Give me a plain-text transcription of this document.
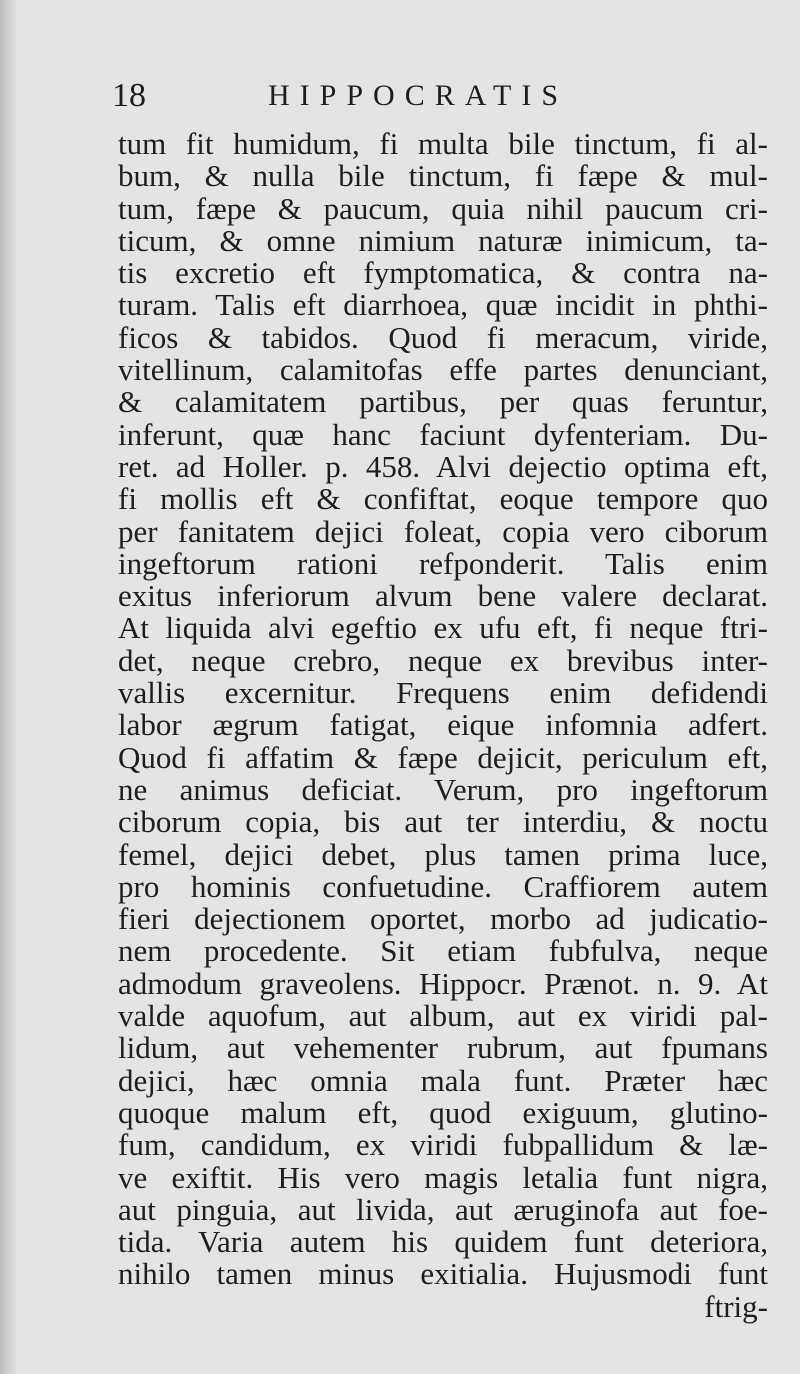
18	HIPPOCRATIS
tum fit humidum, fi multa bile tinctum, fi al-
bum, & nulla bile tinctum, fi fæpe & mul-
tum, fæpe & paucum, quia nihil paucum cri-
ticum, & omne nimium naturæ inimicum, ta-
tis excretio eft fymptomatica, & contra na-
turam. Talis eft diarrhoea, quæ incidit in phthi-
ficos & tabidos. Quod fi meracum, viride,
vitellinum, calamitofas effe partes denunciant,
& calamitatem partibus, per quas feruntur,
inferunt, quæ hanc faciunt dyfenteriam. Du-
ret. ad Holler. p. 458. Alvi dejectio optima eft,
fi mollis eft & confiftat, eoque tempore quo
per fanitatem dejici foleat, copia vero ciborum
ingeftorum rationi refponderit. Talis enim
exitus inferiorum alvum bene valere declarat.
At liquida alvi egeftio ex ufu eft, fi neque ftri-
det, neque crebro, neque ex brevibus inter-
vallis excernitur. Frequens enim defidendi
labor ægrum fatigat, eique infomnia adfert.
Quod fi affatim & fæpe dejicit, periculum eft,
ne animus deficiat. Verum, pro ingeftorum
ciborum copia, bis aut ter interdiu, & noctu
femel, dejici debet, plus tamen prima luce,
pro hominis confuetudine. Craffiorem autem
fieri dejectionem oportet, morbo ad judicatio-
nem procedente. Sit etiam fubfulva, neque
admodum graveolens. Hippocr. Prænot. n. 9. At
valde aquofum, aut album, aut ex viridi pal-
lidum, aut vehementer rubrum, aut fpumans
dejici, hæc omnia mala funt. Præter hæc
quoque malum eft, quod exiguum, glutino-
fum, candidum, ex viridi fubpallidum & læ-
ve exiftit. His vero magis letalia funt nigra,
aut pinguia, aut livida, aut æruginofa aut foe-
tida. Varia autem his quidem funt deteriora,
nihilo tamen minus exitialia. Hujusmodi funt
ftrig-
